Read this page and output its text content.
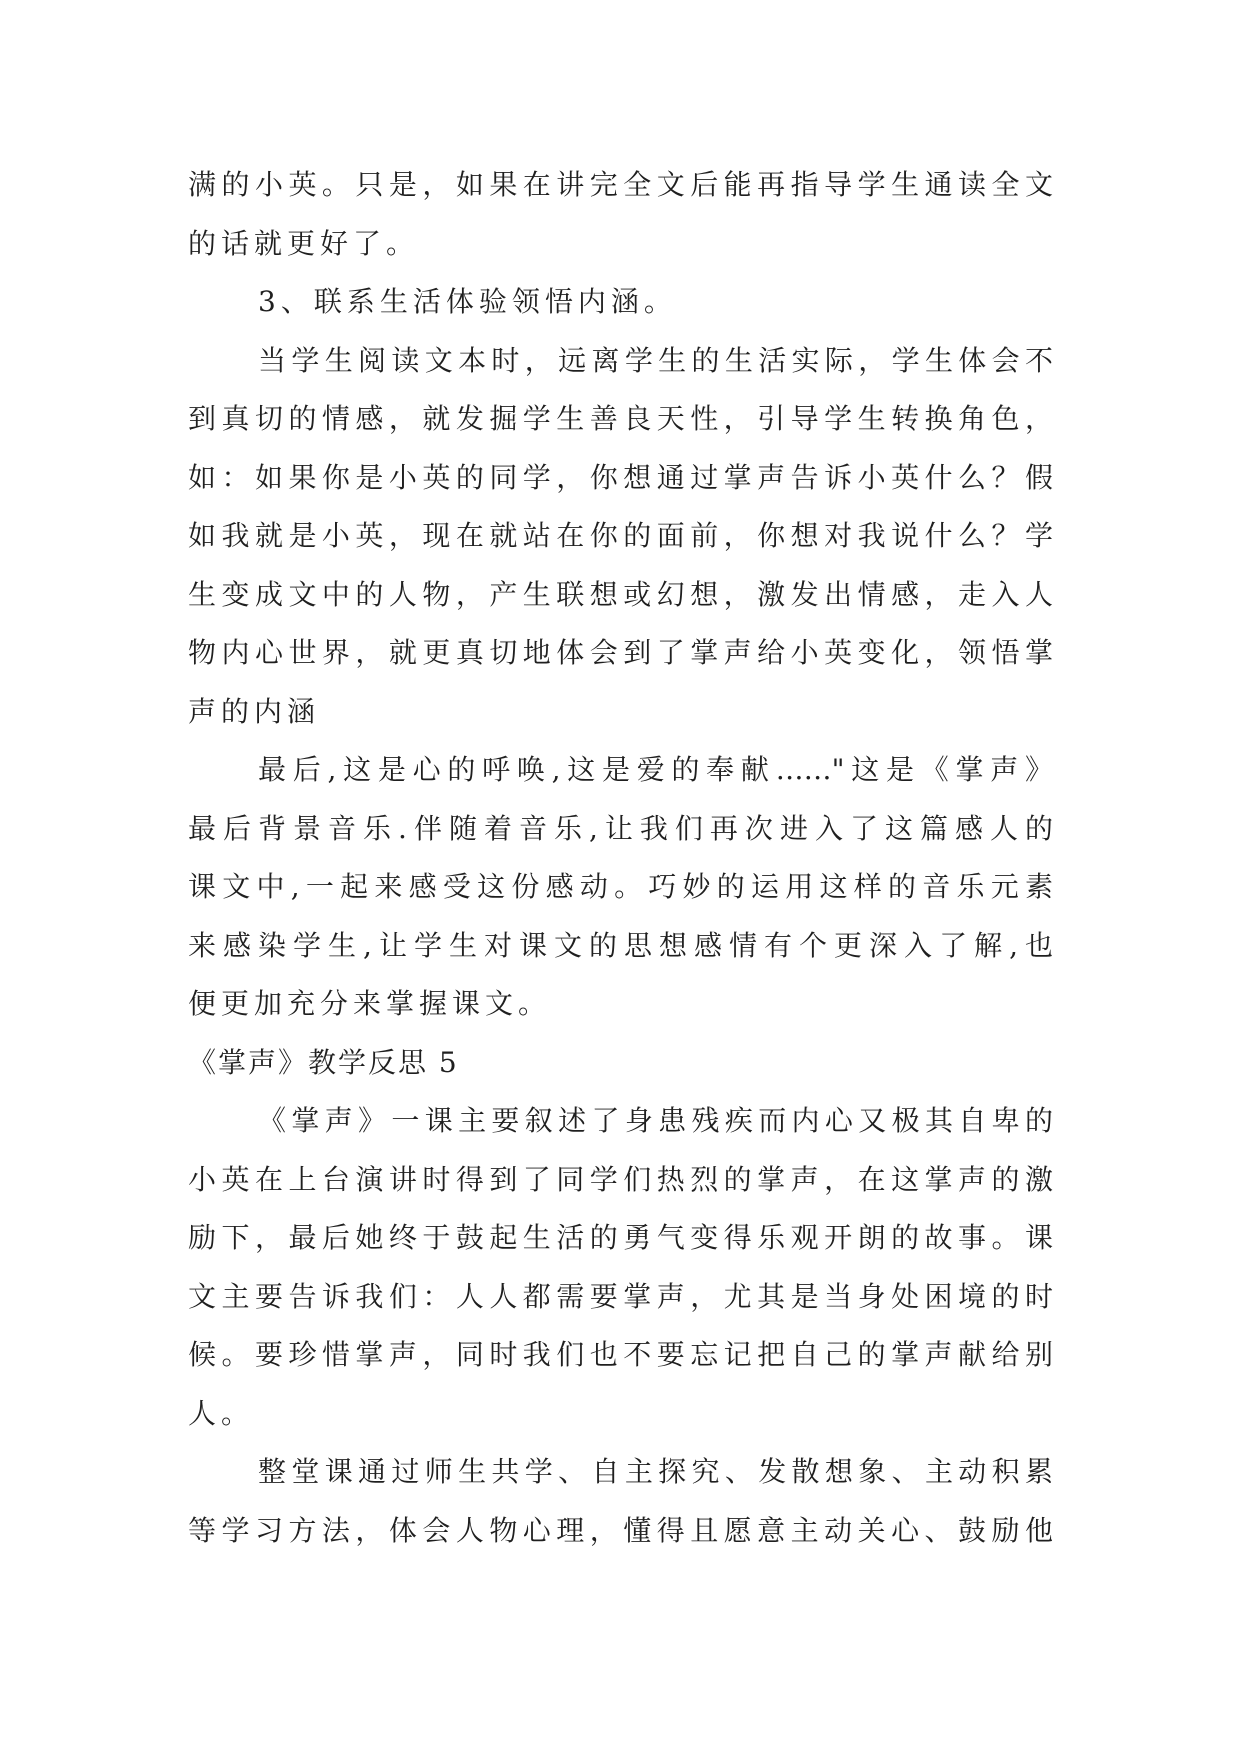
满的小英。只是，如果在讲完全文后能再指导学生通读全文
的话就更好了。
3、联系生活体验领悟内涵。
当学生阅读文本时，远离学生的生活实际，学生体会不
到真切的情感，就发掘学生善良天性，引导学生转换角色，
如：如果你是小英的同学，你想通过掌声告诉小英什么？假
如我就是小英，现在就站在你的面前，你想对我说什么？学
生变成文中的人物，产生联想或幻想，激发出情感，走入人
物内心世界，就更真切地体会到了掌声给小英变化，领悟掌
声的内涵
最后,这是心的呼唤,这是爱的奉献……"这是《掌声》
最后背景音乐.伴随着音乐,让我们再次进入了这篇感人的
课文中,一起来感受这份感动。巧妙的运用这样的音乐元素
来感染学生,让学生对课文的思想感情有个更深入了解,也
便更加充分来掌握课文。
《掌声》教学反思 5
《掌声》一课主要叙述了身患残疾而内心又极其自卑的
小英在上台演讲时得到了同学们热烈的掌声，在这掌声的激
励下，最后她终于鼓起生活的勇气变得乐观开朗的故事。课
文主要告诉我们：人人都需要掌声，尤其是当身处困境的时
候。要珍惜掌声，同时我们也不要忘记把自己的掌声献给别
人。
整堂课通过师生共学、自主探究、发散想象、主动积累
等学习方法，体会人物心理，懂得且愿意主动关心、鼓励他
